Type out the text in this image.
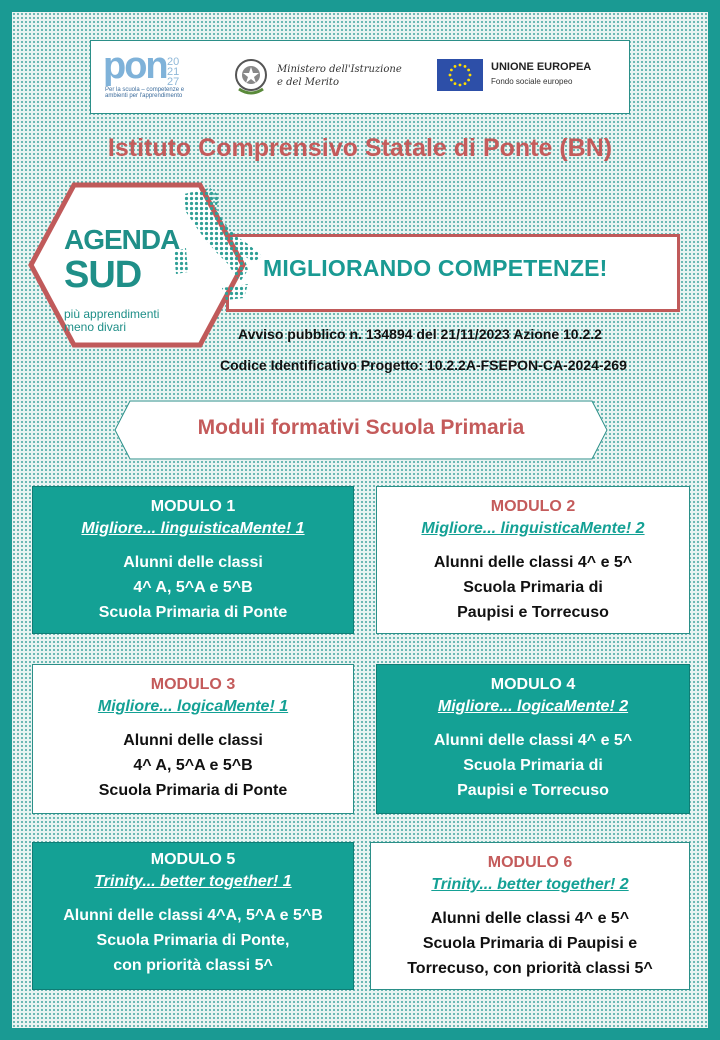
pon 20
21
27
Per la scuola – competenze e ambienti per l'apprendimento
Ministero dell'Istruzione
e del Merito
UNIONE EUROPEA
Fondo sociale europeo
Istituto Comprensivo Statale di Ponte (BN)
MIGLIORANDO COMPETENZE!
AGENDA
SUD
più apprendimenti
meno divari	Avviso pubblico n. 134894 del 21/11/2023 Azione 10.2.2
Codice Identificativo Progetto: 10.2.2A-FSEPON-CA-2024-269
Moduli formativi Scuola Primaria
MODULO 1
Migliore... linguisticaMente! 1
Alunni delle classi
4^ A, 5^A e 5^B
Scuola Primaria di Ponte
MODULO 2
Migliore... linguisticaMente! 2
Alunni delle classi 4^ e 5^
Scuola Primaria di
Paupisi e Torrecuso
MODULO 3
Migliore... logicaMente! 1
Alunni delle classi
4^ A, 5^A e 5^B
Scuola Primaria di Ponte
MODULO 4
Migliore... logicaMente! 2
Alunni delle classi 4^ e 5^
Scuola Primaria di
Paupisi e Torrecuso
MODULO 5
Trinity... better together! 1
Alunni delle classi 4^A, 5^A e 5^B
Scuola Primaria di Ponte,
con priorità classi 5^
MODULO 6
Trinity... better together! 2
Alunni delle classi 4^ e 5^
Scuola Primaria di Paupisi e
Torrecuso, con priorità classi 5^
